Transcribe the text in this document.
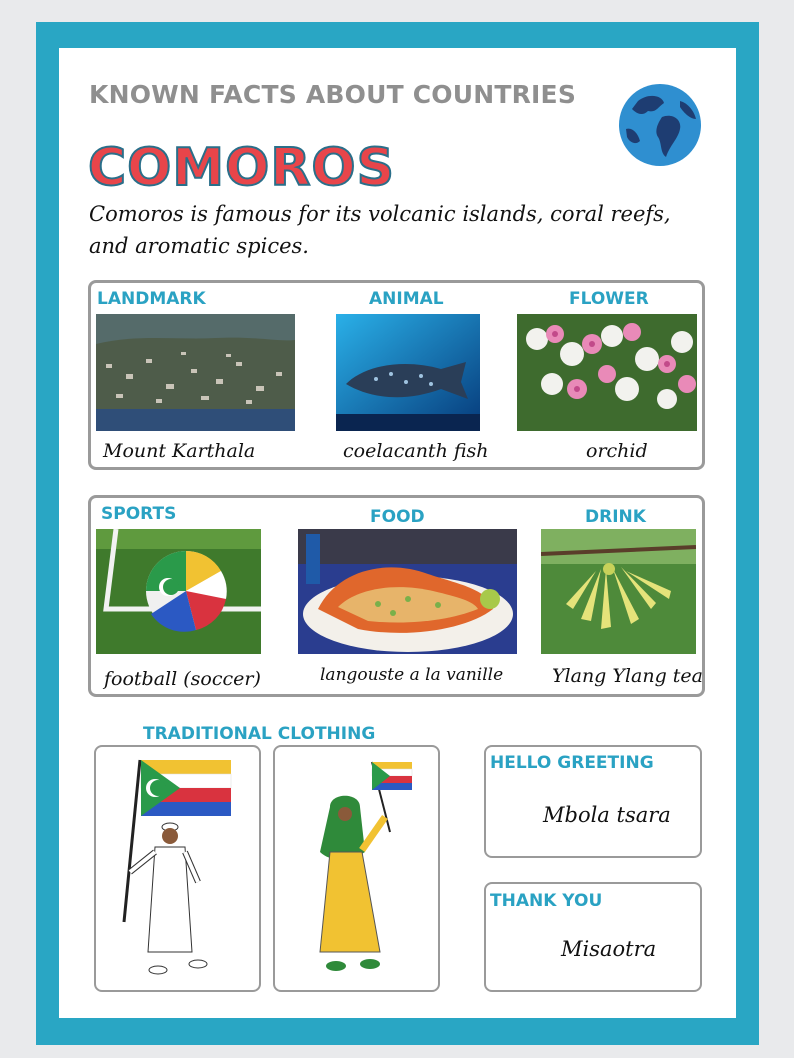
KNOWN FACTS ABOUT COUNTRIES
COMOROS
Comoros is famous for its volcanic islands, coral reefs, and aromatic spices.
LANDMARK	ANIMAL	FLOWER
Mount Karthala	coelacanth fish	orchid
SPORTS	FOOD	DRINK
football (soccer)	langouste a la vanille	Ylang Ylang tea
TRADITIONAL CLOTHING
HELLO GREETING
Mbola tsara
THANK YOU
Misaotra
